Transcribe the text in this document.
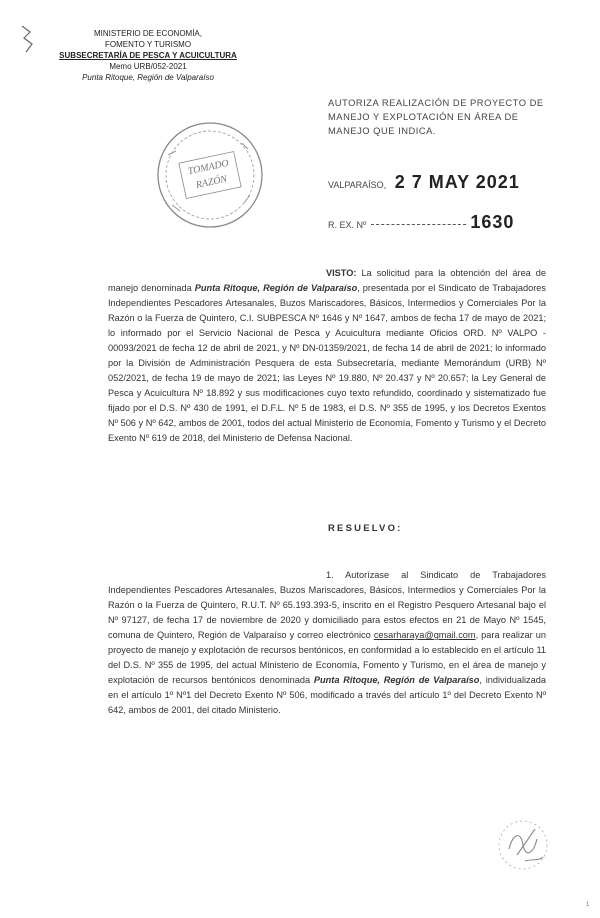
MINISTERIO DE ECONOMÍA,
FOMENTO Y TURISMO
SUBSECRETARÍA DE PESCA Y ACUICULTURA
Memo URB/052-2021
Punta Ritoque, Región de Valparaíso
AUTORIZA REALIZACIÓN DE PROYECTO DE MANEJO Y EXPLOTACIÓN EN ÁREA DE MANEJO QUE INDICA.
TOMADO
RAZÓN	VALPARAÍSO, 2 7 MAY 2021
R. EX. Nº	1630
VISTO: La solicitud para la obtención del área de manejo denominada Punta Ritoque, Región de Valparaíso, presentada por el Sindicato de Trabajadores Independientes Pescadores Artesanales, Buzos Mariscadores, Básicos, Intermedios y Comerciales Por la Razón o la Fuerza de Quintero, C.I. SUBPESCA Nº 1646 y Nº 1647, ambos de fecha 17 de mayo de 2021; lo informado por el Servicio Nacional de Pesca y Acuicultura mediante Oficios ORD. Nº VALPO - 00093/2021 de fecha 12 de abril de 2021, y Nº DN-01359/2021, de fecha 14 de abril de 2021; lo informado por la División de Administración Pesquera de esta Subsecretaría, mediante Memorándum (URB) Nº 052/2021, de fecha 19 de mayo de 2021; las Leyes Nº 19.880, Nº 20.437 y Nº 20.657; la Ley General de Pesca y Acuicultura Nº 18.892 y sus modificaciones cuyo texto refundido, coordinado y sistematizado fue fijado por el D.S. Nº 430 de 1991, el D.F.L. Nº 5 de 1983, el D.S. Nº 355 de 1995, y los Decretos Exentos Nº 506 y Nº 642, ambos de 2001, todos del actual Ministerio de Economía, Fomento y Turismo y el Decreto Exento Nº 619 de 2018, del Ministerio de Defensa Nacional.
RESUELVO:
1. Autorízase al Sindicato de Trabajadores Independientes Pescadores Artesanales, Buzos Mariscadores, Básicos, Intermedios y Comerciales Por la Razón o la Fuerza de Quintero, R.U.T. Nº 65.193.393-5, inscrito en el Registro Pesquero Artesanal bajo el Nº 97127, de fecha 17 de noviembre de 2020 y domiciliado para estos efectos en 21 de Mayo Nº 1545, comuna de Quintero, Región de Valparaíso y correo electrónico cesarharaya@gmail.com, para realizar un proyecto de manejo y explotación de recursos bentónicos, en conformidad a lo establecido en el artículo 11 del D.S. Nº 355 de 1995, del actual Ministerio de Economía, Fomento y Turismo, en el área de manejo y explotación de recursos bentónicos denominada Punta Ritoque, Región de Valparaíso, individualizada en el artículo 1º Nº1 del Decreto Exento Nº 506, modificado a través del artículo 1º del Decreto Exento Nº 642, ambos de 2001, del citado Ministerio.
1
